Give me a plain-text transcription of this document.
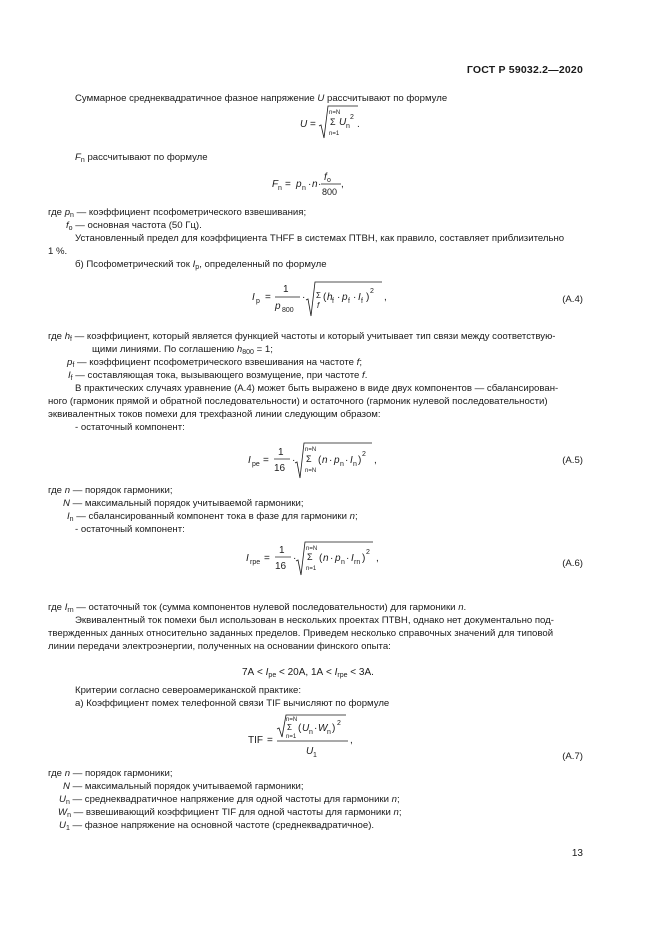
ГОСТ Р 59032.2—2020
Суммарное среднеквадратичное фазное напряжение U рассчитывают по формуле
U =
n=N
Σ
n=1
U n
2
.
$F_n$ рассчитывают по формуле
F n = p n · n ·
f o
800
,
где $p_n$ — коэффициент псофометрического взвешивания;
$f_o$ — основная частота (50 Гц).
Установленный предел для коэффициента THFF в системах ПТВН, как правило, составляет приблизительно
1 %.
б) Псофометрический ток $I_p$, определенный по формуле
I p =
1
p 800
· Σ
f
( h f · p f · I f )
2
,	(А.4)
где $h_f$ — коэффициент, который является функцией частоты и который учитывает тип связи между соответствую-
щими линиями. По соглашению $h_{800} = 1$;
$p_f$ — коэффициент псофометрического взвешивания на частоте f;
$I_f$ — составляющая тока, вызывающего возмущение, при частоте f.
В практических случаях уравнение (А.4) может быть выражено в виде двух компонентов — сбалансирован-
ного (гармоник прямой и обратной последовательности) и остаточного (гармоник нулевой последовательности)
эквивалентных токов помехи для трехфазной линии следующим образом:
- остаточный компонент:
I pe =
1
16
·
n=N
Σ
n=N
( n · p n · I n )
2
,	(А.5)
где n — порядок гармоники;
N — максимальный порядок учитываемой гармоники;
$I_n$ — сбалансированный компонент тока в фазе для гармоники n;
- остаточный компонент:
I rpe =
1
16
·
n=N
Σ
n=1
( n · p n · I rn )
2
,	(А.6)
где $I_{rn}$ — остаточный ток (сумма компонентов нулевой последовательности) для гармоники n.
Эквивалентный ток помехи был использован в нескольких проектах ПТВН, однако нет документально под-
твержденных данных относительно заданных пределов. Приведем несколько справочных значений для типовой
линии передачи электроэнергии, полученных на основании финского опыта:
$7А < I_{pe} < 20А$, $1А < I_{rpe} < 3А$.
Критерии согласно североамериканской практике:
а) Коэффициент помех телефонной связи TIF вычисляют по формуле
TIF =
n=N
Σ
n=1
( U n · W n ) 2
U 1
,
(А.7)
где n — порядок гармоники;
N — максимальный порядок учитываемой гармоники;
$U_n$ — среднеквадратичное напряжение для одной частоты для гармоники n;
$W_n$ — взвешивающий коэффициент TIF для одной частоты для гармоники n;
$U_1$ — фазное напряжение на основной частоте (среднеквадратичное).
13
